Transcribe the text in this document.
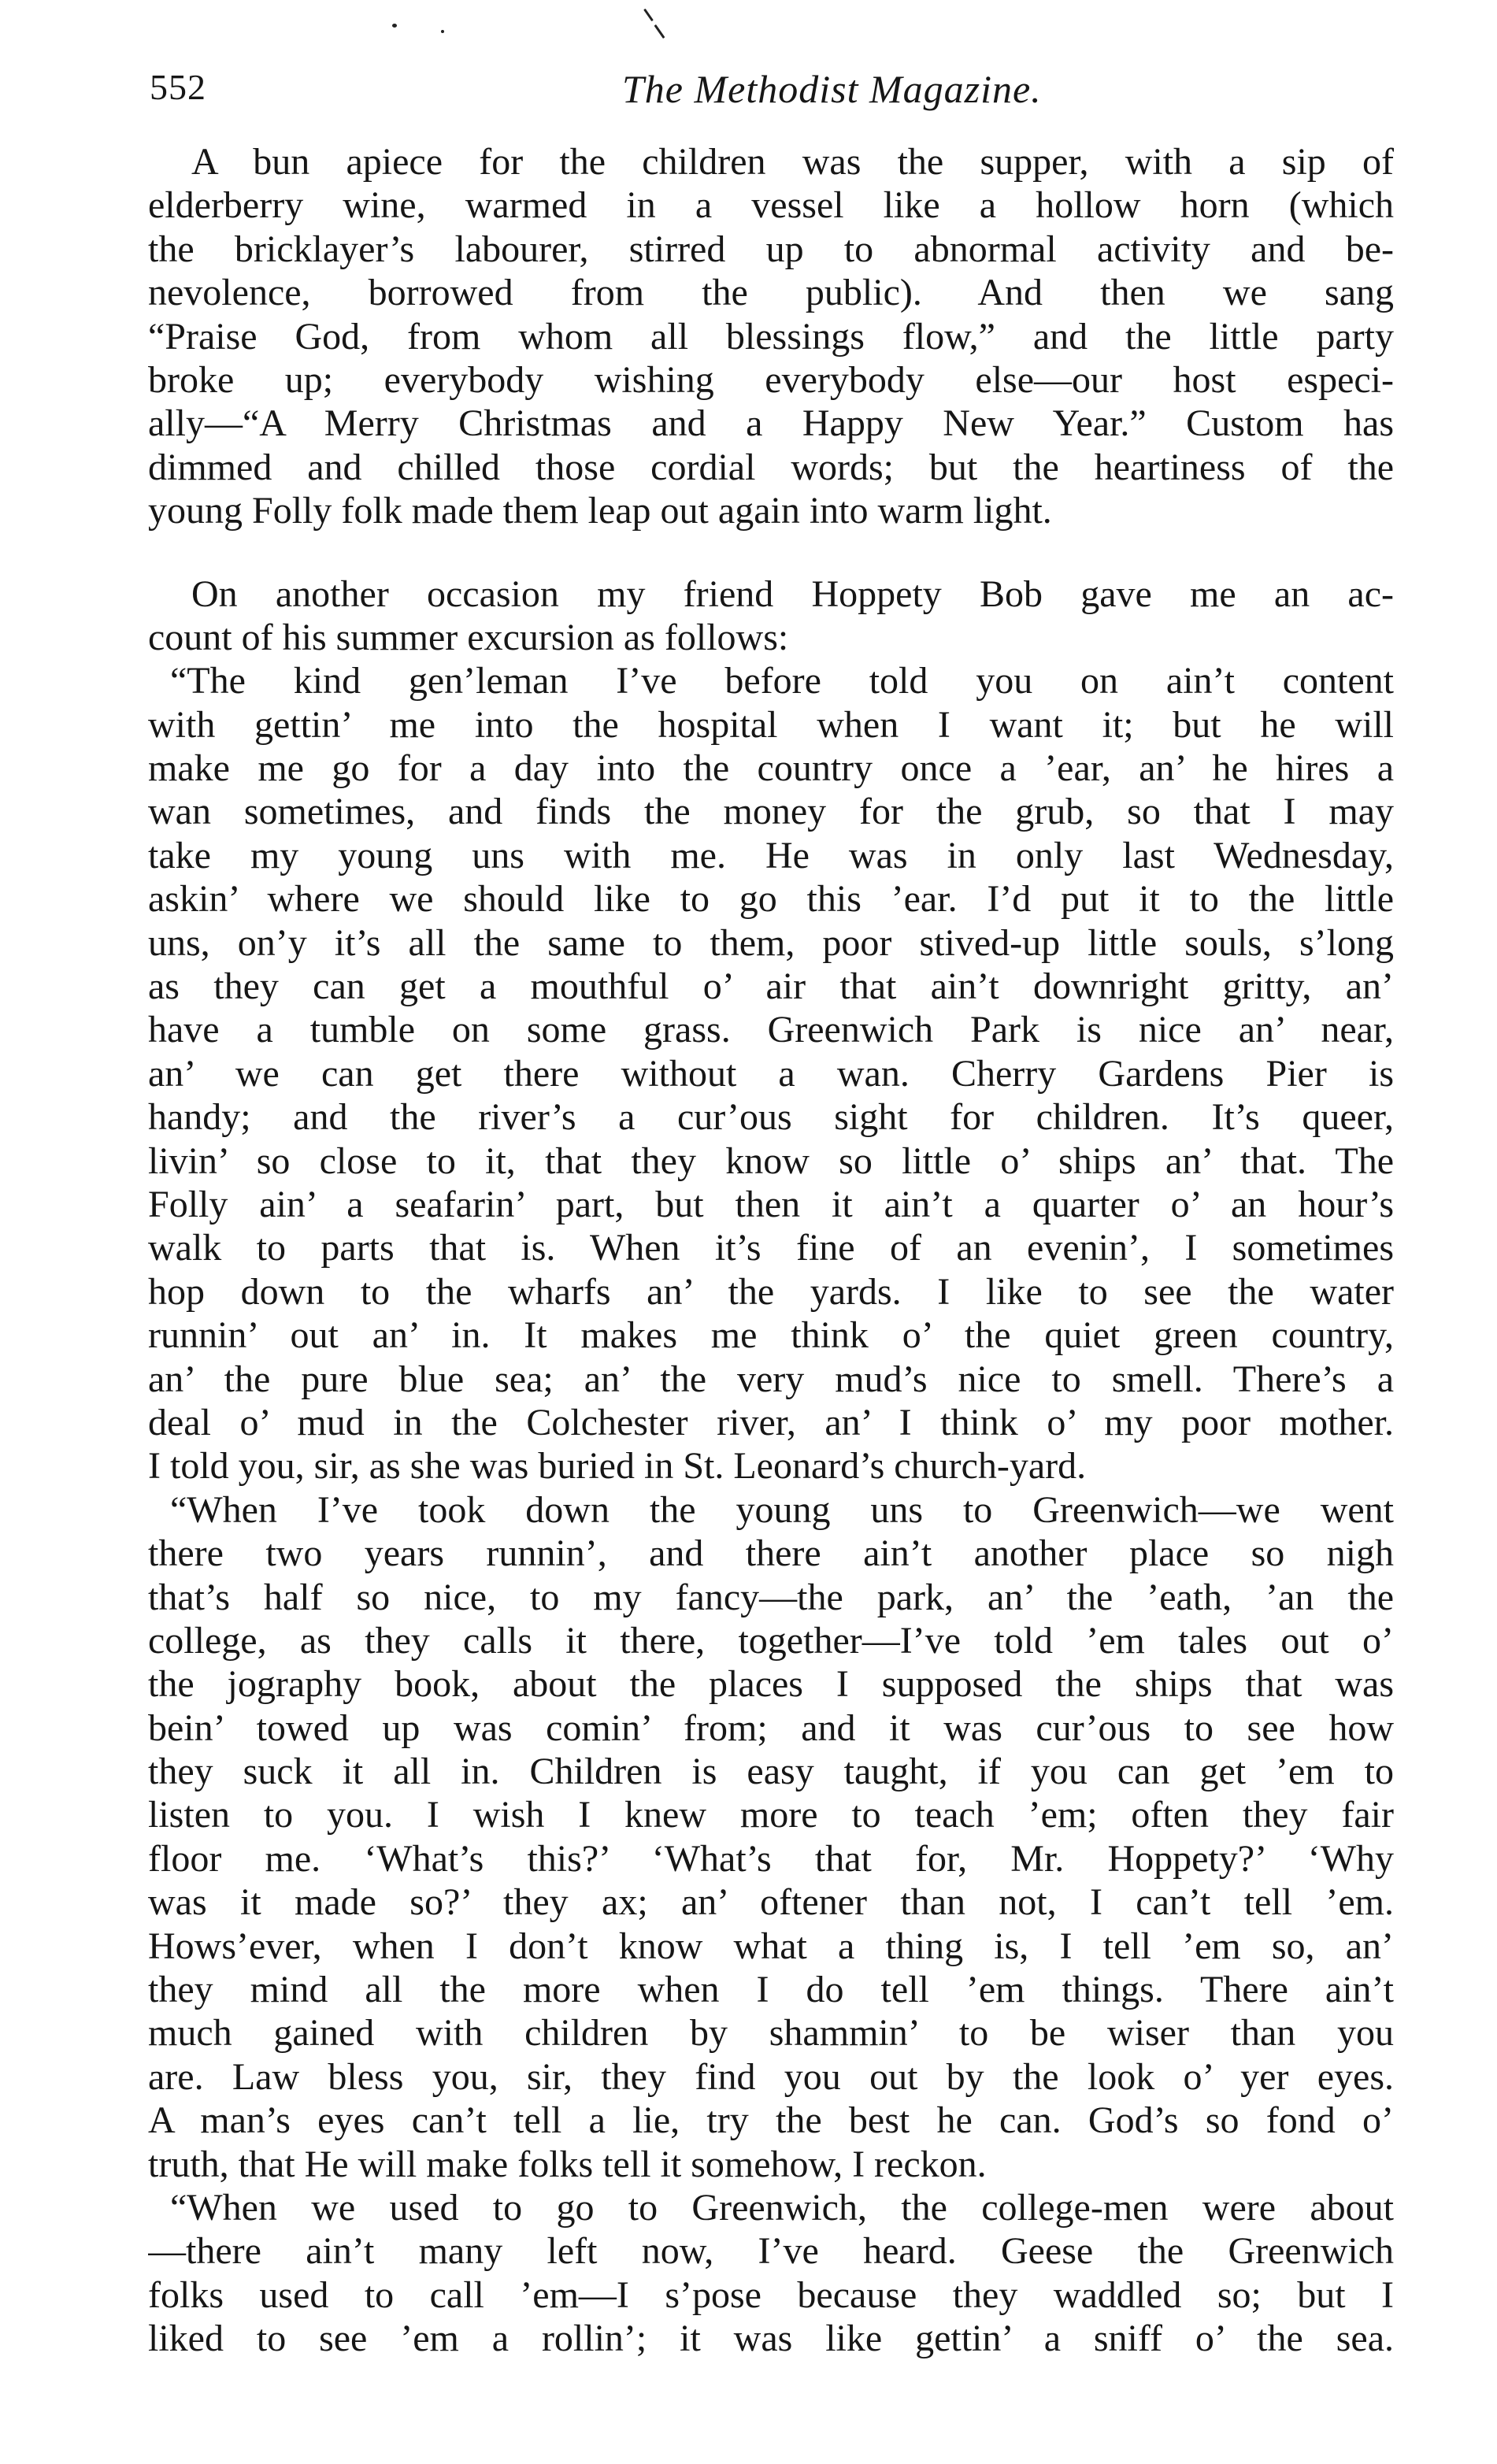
552	The Methodist Magazine.
A bun apiece for the children was the supper, with a sip of
elderberry wine, warmed in a vessel like a hollow horn (which
the bricklayer’s labourer, stirred up to abnormal activity and be-
nevolence, borrowed from the public). And then we sang
“Praise God, from whom all blessings flow,” and the little party
broke up; everybody wishing everybody else—our host especi-
ally—“A Merry Christmas and a Happy New Year.” Custom has
dimmed and chilled those cordial words; but the heartiness of the
young Folly folk made them leap out again into warm light.
On another occasion my friend Hoppety Bob gave me an ac-
count of his summer excursion as follows:
“The kind gen’leman I’ve before told you on ain’t content
with gettin’ me into the hospital when I want it; but he will
make me go for a day into the country once a ’ear, an’ he hires a
wan sometimes, and finds the money for the grub, so that I may
take my young uns with me. He was in only last Wednesday,
askin’ where we should like to go this ’ear. I’d put it to the little
uns, on’y it’s all the same to them, poor stived-up little souls, s’long
as they can get a mouthful o’ air that ain’t downright gritty, an’
have a tumble on some grass. Greenwich Park is nice an’ near,
an’ we can get there without a wan. Cherry Gardens Pier is
handy; and the river’s a cur’ous sight for children. It’s queer,
livin’ so close to it, that they know so little o’ ships an’ that. The
Folly ain’ a seafarin’ part, but then it ain’t a quarter o’ an hour’s
walk to parts that is. When it’s fine of an evenin’, I sometimes
hop down to the wharfs an’ the yards. I like to see the water
runnin’ out an’ in. It makes me think o’ the quiet green country,
an’ the pure blue sea; an’ the very mud’s nice to smell. There’s a
deal o’ mud in the Colchester river, an’ I think o’ my poor mother.
I told you, sir, as she was buried in St. Leonard’s church-yard.
“When I’ve took down the young uns to Greenwich—we went
there two years runnin’, and there ain’t another place so nigh
that’s half so nice, to my fancy—the park, an’ the ’eath, ’an the
college, as they calls it there, together—I’ve told ’em tales out o’
the jography book, about the places I supposed the ships that was
bein’ towed up was comin’ from; and it was cur’ous to see how
they suck it all in. Children is easy taught, if you can get ’em to
listen to you. I wish I knew more to teach ’em; often they fair
floor me. ‘What’s this?’ ‘What’s that for, Mr. Hoppety?’ ‘Why
was it made so?’ they ax; an’ oftener than not, I can’t tell ’em.
Hows’ever, when I don’t know what a thing is, I tell ’em so, an’
they mind all the more when I do tell ’em things. There ain’t
much gained with children by shammin’ to be wiser than you
are. Law bless you, sir, they find you out by the look o’ yer eyes.
A man’s eyes can’t tell a lie, try the best he can. God’s so fond o’
truth, that He will make folks tell it somehow, I reckon.
“When we used to go to Greenwich, the college-men were about
—there ain’t many left now, I’ve heard. Geese the Greenwich
folks used to call ’em—I s’pose because they waddled so; but I
liked to see ’em a rollin’; it was like gettin’ a sniff o’ the sea.
